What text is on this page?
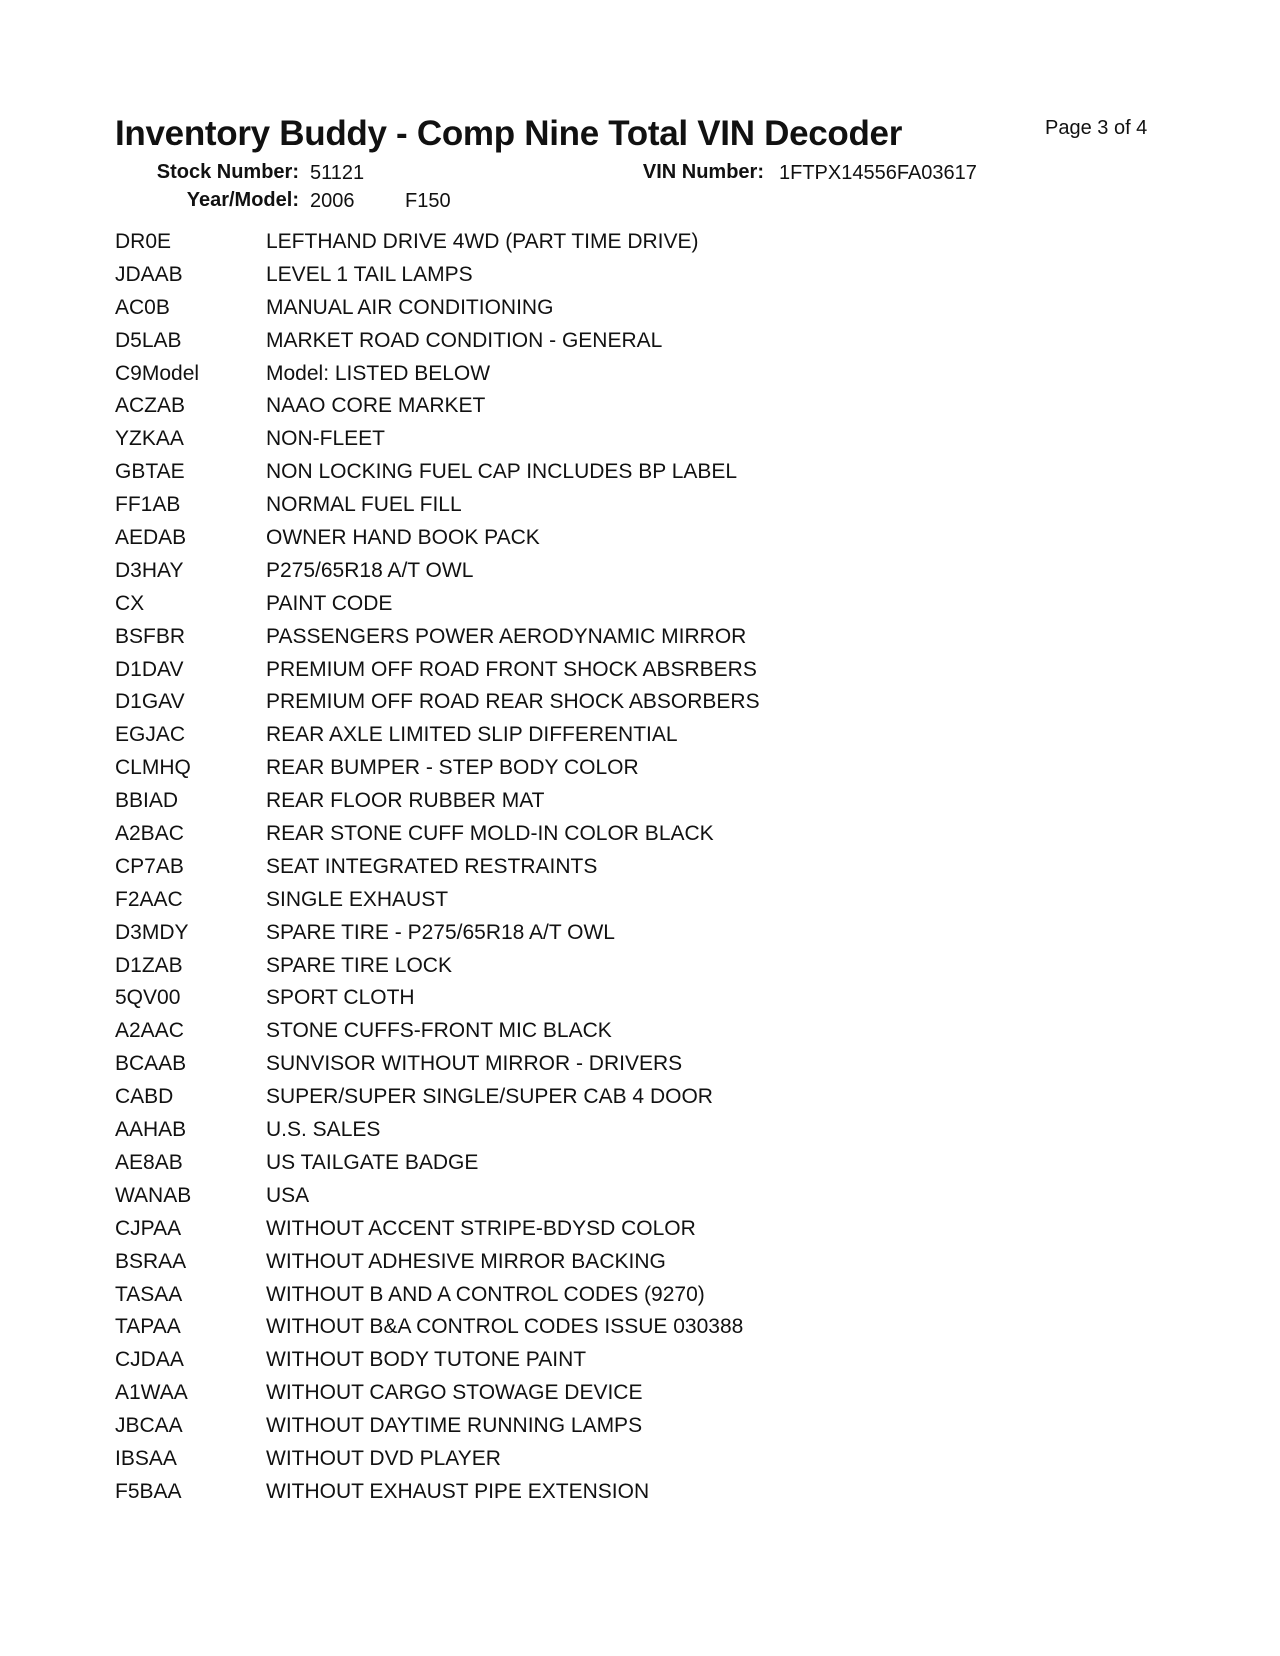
Inventory Buddy - Comp Nine Total VIN Decoder	Page 3 of 4
Stock Number: 51121	VIN Number: 1FTPX14556FA03617
Year/Model: 2006	F150
DR0E	LEFTHAND DRIVE 4WD (PART TIME DRIVE)
JDAAB	LEVEL 1 TAIL LAMPS
AC0B	MANUAL AIR CONDITIONING
D5LAB	MARKET ROAD CONDITION - GENERAL
C9Model	Model: LISTED BELOW
ACZAB	NAAO CORE MARKET
YZKAA	NON-FLEET
GBTAE	NON LOCKING FUEL CAP INCLUDES BP LABEL
FF1AB	NORMAL FUEL FILL
AEDAB	OWNER HAND BOOK PACK
D3HAY	P275/65R18 A/T OWL
CX	PAINT CODE
BSFBR	PASSENGERS POWER AERODYNAMIC MIRROR
D1DAV	PREMIUM OFF ROAD FRONT SHOCK ABSRBERS
D1GAV	PREMIUM OFF ROAD REAR SHOCK ABSORBERS
EGJAC	REAR AXLE LIMITED SLIP DIFFERENTIAL
CLMHQ	REAR BUMPER - STEP BODY COLOR
BBIAD	REAR FLOOR RUBBER MAT
A2BAC	REAR STONE CUFF MOLD-IN COLOR BLACK
CP7AB	SEAT INTEGRATED RESTRAINTS
F2AAC	SINGLE EXHAUST
D3MDY	SPARE TIRE - P275/65R18 A/T OWL
D1ZAB	SPARE TIRE LOCK
5QV00	SPORT CLOTH
A2AAC	STONE CUFFS-FRONT MIC BLACK
BCAAB	SUNVISOR WITHOUT MIRROR - DRIVERS
CABD	SUPER/SUPER SINGLE/SUPER CAB 4 DOOR
AAHAB	U.S. SALES
AE8AB	US TAILGATE BADGE
WANAB	USA
CJPAA	WITHOUT ACCENT STRIPE-BDYSD COLOR
BSRAA	WITHOUT ADHESIVE MIRROR BACKING
TASAA	WITHOUT B AND A CONTROL CODES (9270)
TAPAA	WITHOUT B&A CONTROL CODES ISSUE 030388
CJDAA	WITHOUT BODY TUTONE PAINT
A1WAA	WITHOUT CARGO STOWAGE DEVICE
JBCAA	WITHOUT DAYTIME RUNNING LAMPS
IBSAA	WITHOUT DVD PLAYER
F5BAA	WITHOUT EXHAUST PIPE EXTENSION
